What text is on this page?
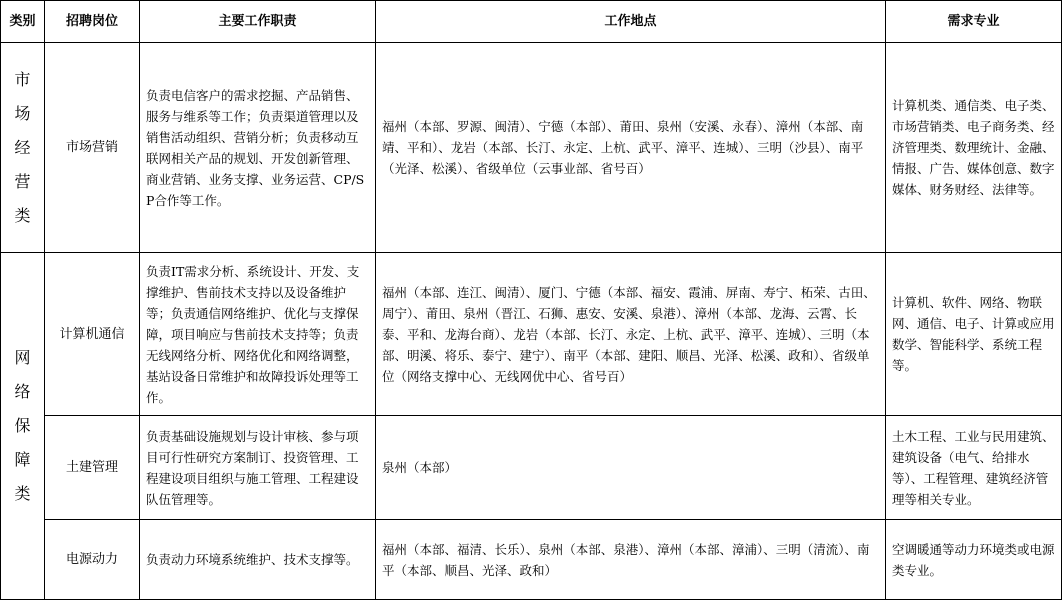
类别	招聘岗位	主要工作职责	工作地点	需求专业
市
场
经
营
类	市场营销	负责电信客户的需求挖掘、产品销售、服务与维系等工作；负责渠道管理以及销售活动组织、营销分析；负责移动互联网相关产品的规划、开发创新管理、商业营销、业务支撑、业务运营、CP/SP合作等工作。	福州（本部、罗源、闽清）、宁德（本部）、莆田、泉州（安溪、永春）、漳州（本部、南靖、平和）、龙岩（本部、长汀、永定、上杭、武平、漳平、连城）、三明（沙县）、南平（光泽、松溪）、省级单位（云事业部、省号百）	计算机类、通信类、电子类、市场营销类、电子商务类、经济管理类、数理统计、金融、情报、广告、媒体创意、数字媒体、财务财经、法律等。
网
络
保
障
类	计算机通信	负责IT需求分析、系统设计、开发、支撑维护、售前技术支持以及设备维护等；负责通信网络维护、优化与支撑保障，项目响应与售前技术支持等；负责无线网络分析、网络优化和网络调整，基站设备日常维护和故障投诉处理等工作。	福州（本部、连江、闽清）、厦门、宁德（本部、福安、霞浦、屏南、寿宁、柘荣、古田、周宁）、莆田、泉州（晋江、石狮、惠安、安溪、泉港）、漳州（本部、龙海、云霄、长泰、平和、龙海台商）、龙岩（本部、长汀、永定、上杭、武平、漳平、连城）、三明（本部、明溪、将乐、泰宁、建宁）、南平（本部、建阳、顺昌、光泽、松溪、政和）、省级单位（网络支撑中心、无线网优中心、省号百）	计算机、软件、网络、物联网、通信、电子、计算或应用数学、智能科学、系统工程等。
	土建管理	负责基础设施规划与设计审核、参与项目可行性研究方案制订、投资管理、工程建设项目组织与施工管理、工程建设队伍管理等。	泉州（本部）	土木工程、工业与民用建筑、建筑设备（电气、给排水等）、工程管理、建筑经济管理等相关专业。
	电源动力	负责动力环境系统维护、技术支撑等。	福州（本部、福清、长乐）、泉州（本部、泉港）、漳州（本部、漳浦）、三明（清流）、南平（本部、顺昌、光泽、政和）	空调暖通等动力环境类或电源类专业。
